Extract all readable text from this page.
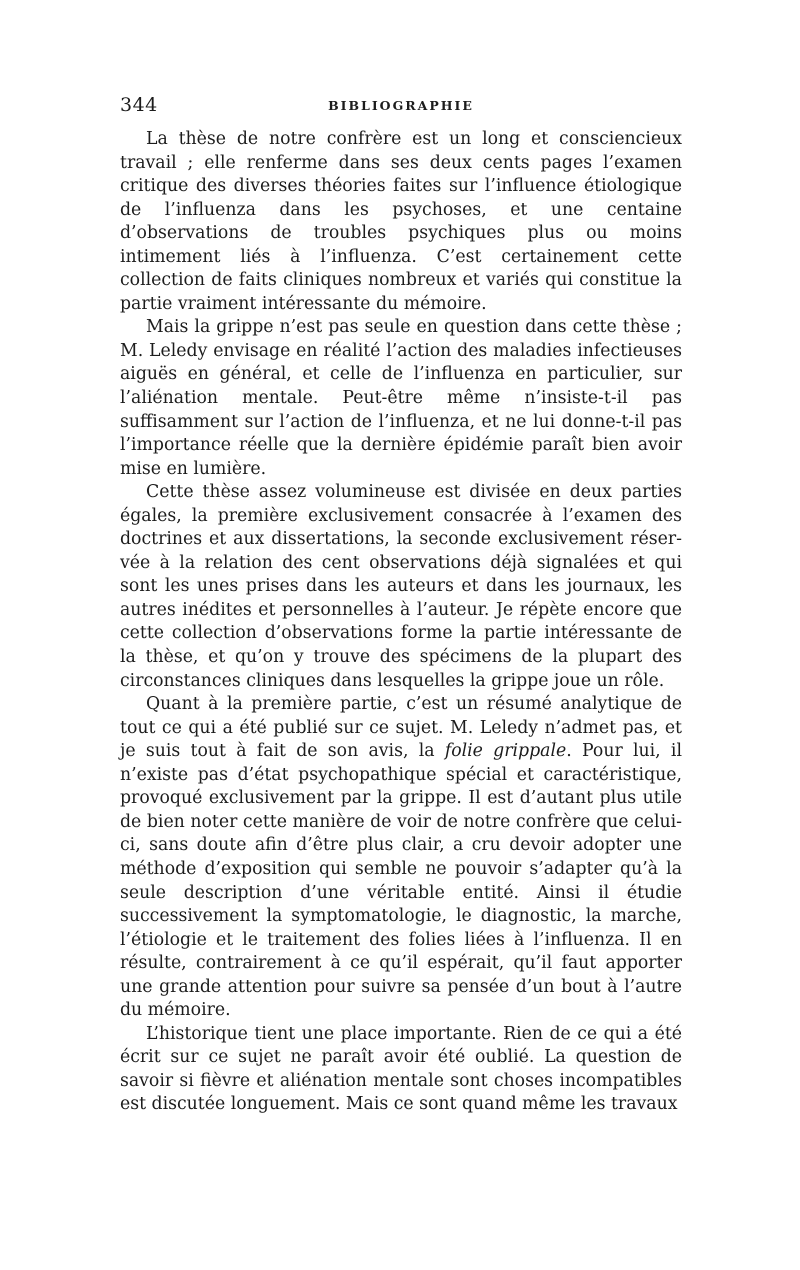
344	BIBLIOGRAPHIE

La thèse de notre confrère est un long et consciencieux travail ; elle renferme dans ses deux cents pages l’examen critique des diverses théories faites sur l’influence étiologique de l’influenza dans les psychoses, et une centaine d’observations de troubles psychiques plus ou moins intimement liés à l’influenza. C’est certainement cette collection de faits cliniques nombreux et variés qui constitue la partie vraiment intéressante du mémoire.

Mais la grippe n’est pas seule en question dans cette thèse ; M. Leledy envisage en réalité l’action des maladies infectieuses aiguës en général, et celle de l’influenza en particulier, sur l’aliénation mentale. Peut-être même n’insiste-t-il pas suffisamment sur l’action de l’influenza, et ne lui donne-t-il pas l’importance réelle que la dernière épidémie paraît bien avoir mise en lumière.

Cette thèse assez volumineuse est divisée en deux parties égales, la première exclusivement consacrée à l’examen des doctrines et aux dissertations, la seconde exclusivement réservée à la relation des cent observations déjà signalées et qui sont les unes prises dans les auteurs et dans les journaux, les autres inédites et personnelles à l’auteur. Je répète encore que cette collection d’observations forme la partie intéressante de la thèse, et qu’on y trouve des spécimens de la plupart des circonstances cliniques dans lesquelles la grippe joue un rôle.

Quant à la première partie, c’est un résumé analytique de tout ce qui a été publié sur ce sujet. M. Leledy n’admet pas, et je suis tout à fait de son avis, la folie grippale. Pour lui, il n’existe pas d’état psychopathique spécial et caractéristique, provoqué exclusivement par la grippe. Il est d’autant plus utile de bien noter cette manière de voir de notre confrère que celui-ci, sans doute afin d’être plus clair, a cru devoir adopter une méthode d’exposition qui semble ne pouvoir s’adapter qu’à la seule description d’une véritable entité. Ainsi il étudie successivement la symptomatologie, le diagnostic, la marche, l’étiologie et le traitement des folies liées à l’influenza. Il en résulte, contrairement à ce qu’il espérait, qu’il faut apporter une grande attention pour suivre sa pensée d’un bout à l’autre du mémoire.

L’historique tient une place importante. Rien de ce qui a été écrit sur ce sujet ne paraît avoir été oublié. La question de savoir si fièvre et aliénation mentale sont choses incompatibles est discutée longuement. Mais ce sont quand même les travaux
